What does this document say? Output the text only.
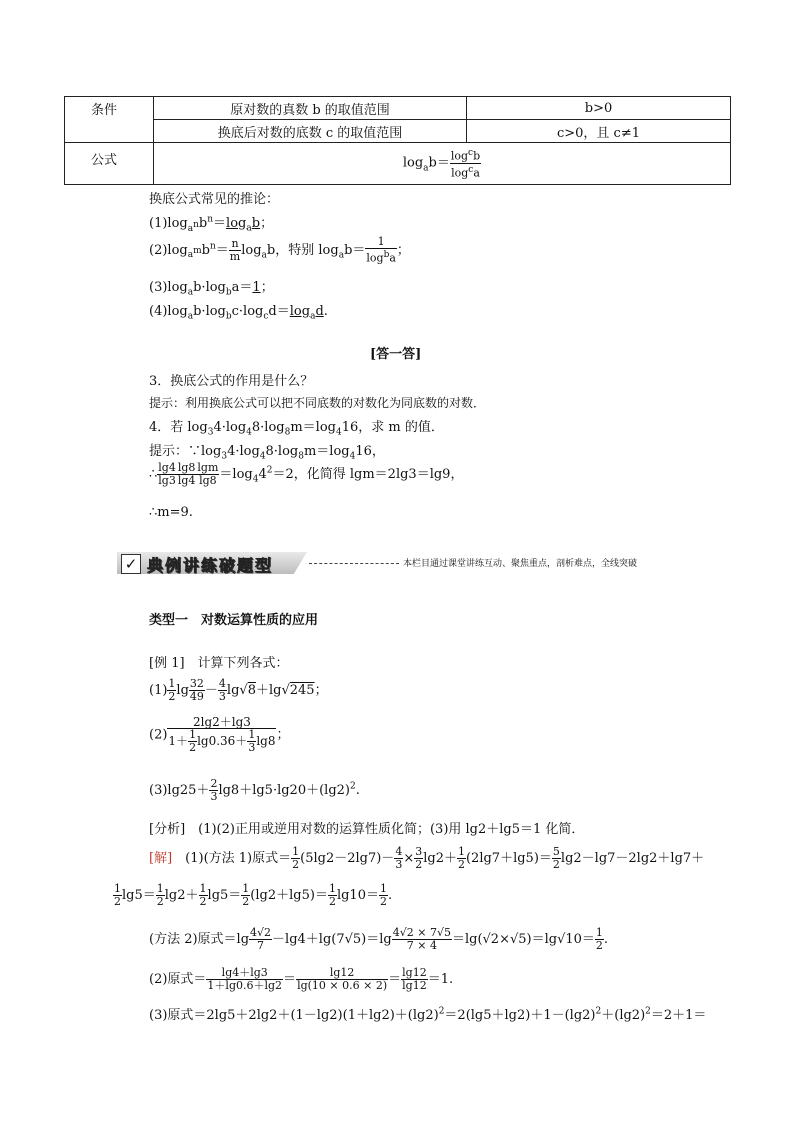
条件	原对数的真数 b 的取值范围	b>0
	换底后对数的底数 c 的取值范围	c>0，且 c≠1
公式	$\log_ab= \frac{\log^cb}{\log^ca}$
换底公式常见的推论：
$(1)\log_{a^n}b^n=\log_ab$；
$(2)\log_{a^m}b^n= \frac{n}{m} \log_ab$，特别 $\log_ab= \frac{1}{\log^ba}$ ；
$(3)\log_ab\cdot\log_ba=1$；
$(4)\log_ab\cdot\log_bc\cdot\log_cd=\log_ad$.
[答一答]
3．换底公式的作用是什么？
提示：利用换底公式可以把不同底数的对数化为同底数的对数．
4．若 $\log_34\cdot\log_48\cdot\log_8m=\log_416$，求 m 的值．
提示：$\because\log_34\cdot\log_48\cdot\log_8m=\log_416$，
∴ $\frac{\lg 4}{\lg 3} \frac{\lg 8}{\lg 4} \frac{\lg m}{\lg 8} =\log_44^2=2$，化简得 lgm＝2lg3＝lg9，
∴m=9.
✓ 典例讲练破题型	本栏目通过课堂讲练互动、聚焦重点，剖析难点，全线突破
类型一　对数运算性质的应用
[例 1]　计算下列各式：
$(1) \frac{1}{2}$ $\lg \frac{32}{49} - \frac{4}{3} \lg√8+\lg√245$；
$(2) \frac{2\lg 2+\lg 3}{1+ \frac{1}{2} \lg 0.36+ \frac{1}{3} \lg 8}$ ；
$(3)\lg 25+ \frac{2}{3} \lg 8+\lg 5\cdot\lg 20+(\lg 2)^2$.
[分析]　(1)(2)正用或逆用对数的运算性质化简；(3)用 lg2＋lg5＝1 化简．
[解]　(1)(方法 1)原式＝ $\frac{1}{2} (5\lg 2-2\lg 7)- \frac{4}{3} \times \frac{3}{2} \lg 2+ \frac{1}{2} (2\lg 7+\lg 5)= \frac{5}{2} \lg 2-\lg 7-2\lg 2+\lg 7+$
$\frac{1}{2} \lg 5= \frac{1}{2} \lg 2+ \frac{1}{2} \lg 5= \frac{1}{2} (\lg 2+\lg 5)= \frac{1}{2} \lg 10= \frac{1}{2}$ .
(方法 2)原式$=\lg \frac{4√2}{7} -\lg 4+\lg(7√5)=\lg \frac{4√2 \times 7√5}{7 \times 4} =\lg(√2\times√5)=\lg√10= \frac{1}{2}$ .
(2)原式＝ $\frac{\lg 4+\lg 3}{1+\lg 0.6+\lg 2} = \frac{\lg 12}{\lg(10 \times 0.6 \times 2)} = \frac{\lg 12}{\lg 12} =1$.
(3)原式$=2\lg 5+2\lg 2+(1-\lg 2)(1+\lg 2)+(\lg 2)^2=2(\lg 5+\lg 2)+1-(\lg 2)^2+(\lg 2)^2=2+1=$
